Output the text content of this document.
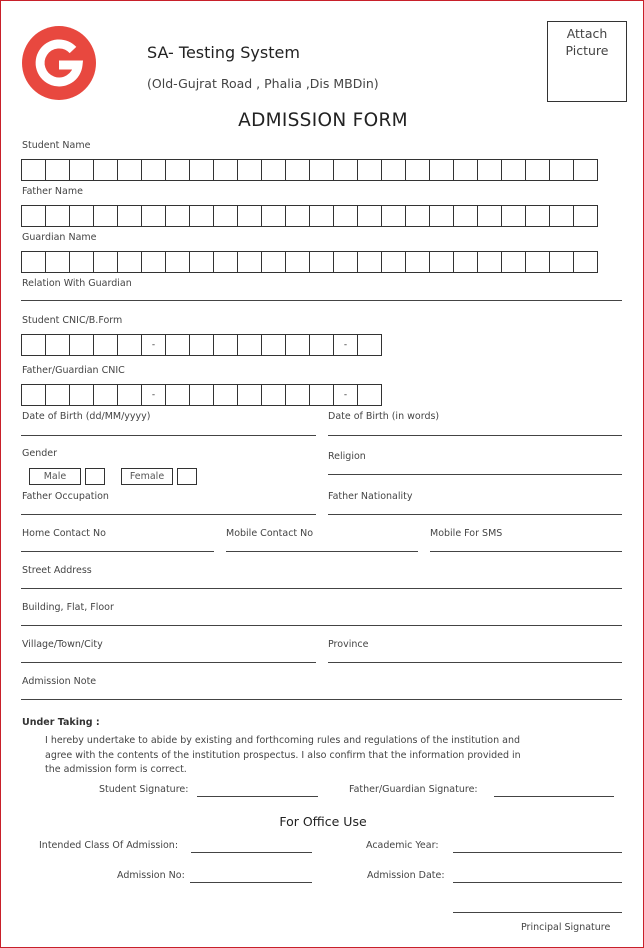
SA- Testing System
(Old-Gujrat Road , Phalia ,Dis MBDin)
Attach
Picture
ADMISSION FORM
Student Name
Father Name
Guardian Name
Relation With Guardian
Student CNIC/B.Form
-	-
Father/Guardian CNIC
-	-
Date of Birth (dd/MM/yyyy)	Date of Birth (in words)
Gender
Male	Female
Religion
Father Occupation	Father Nationality
Home Contact No	Mobile Contact No	Mobile For SMS
Street Address
Building, Flat, Floor
Village/Town/City	Province
Admission Note
Under Taking :
I hereby undertake to abide by existing and forthcoming rules and regulations of the institution and
agree with the contents of the institution prospectus. I also confirm that the information provided in
the admission form is correct.
Student Signature:	Father/Guardian Signature:
For Office Use
Intended Class Of Admission:	Academic Year:
Admission No:	Admission Date:
Principal Signature
